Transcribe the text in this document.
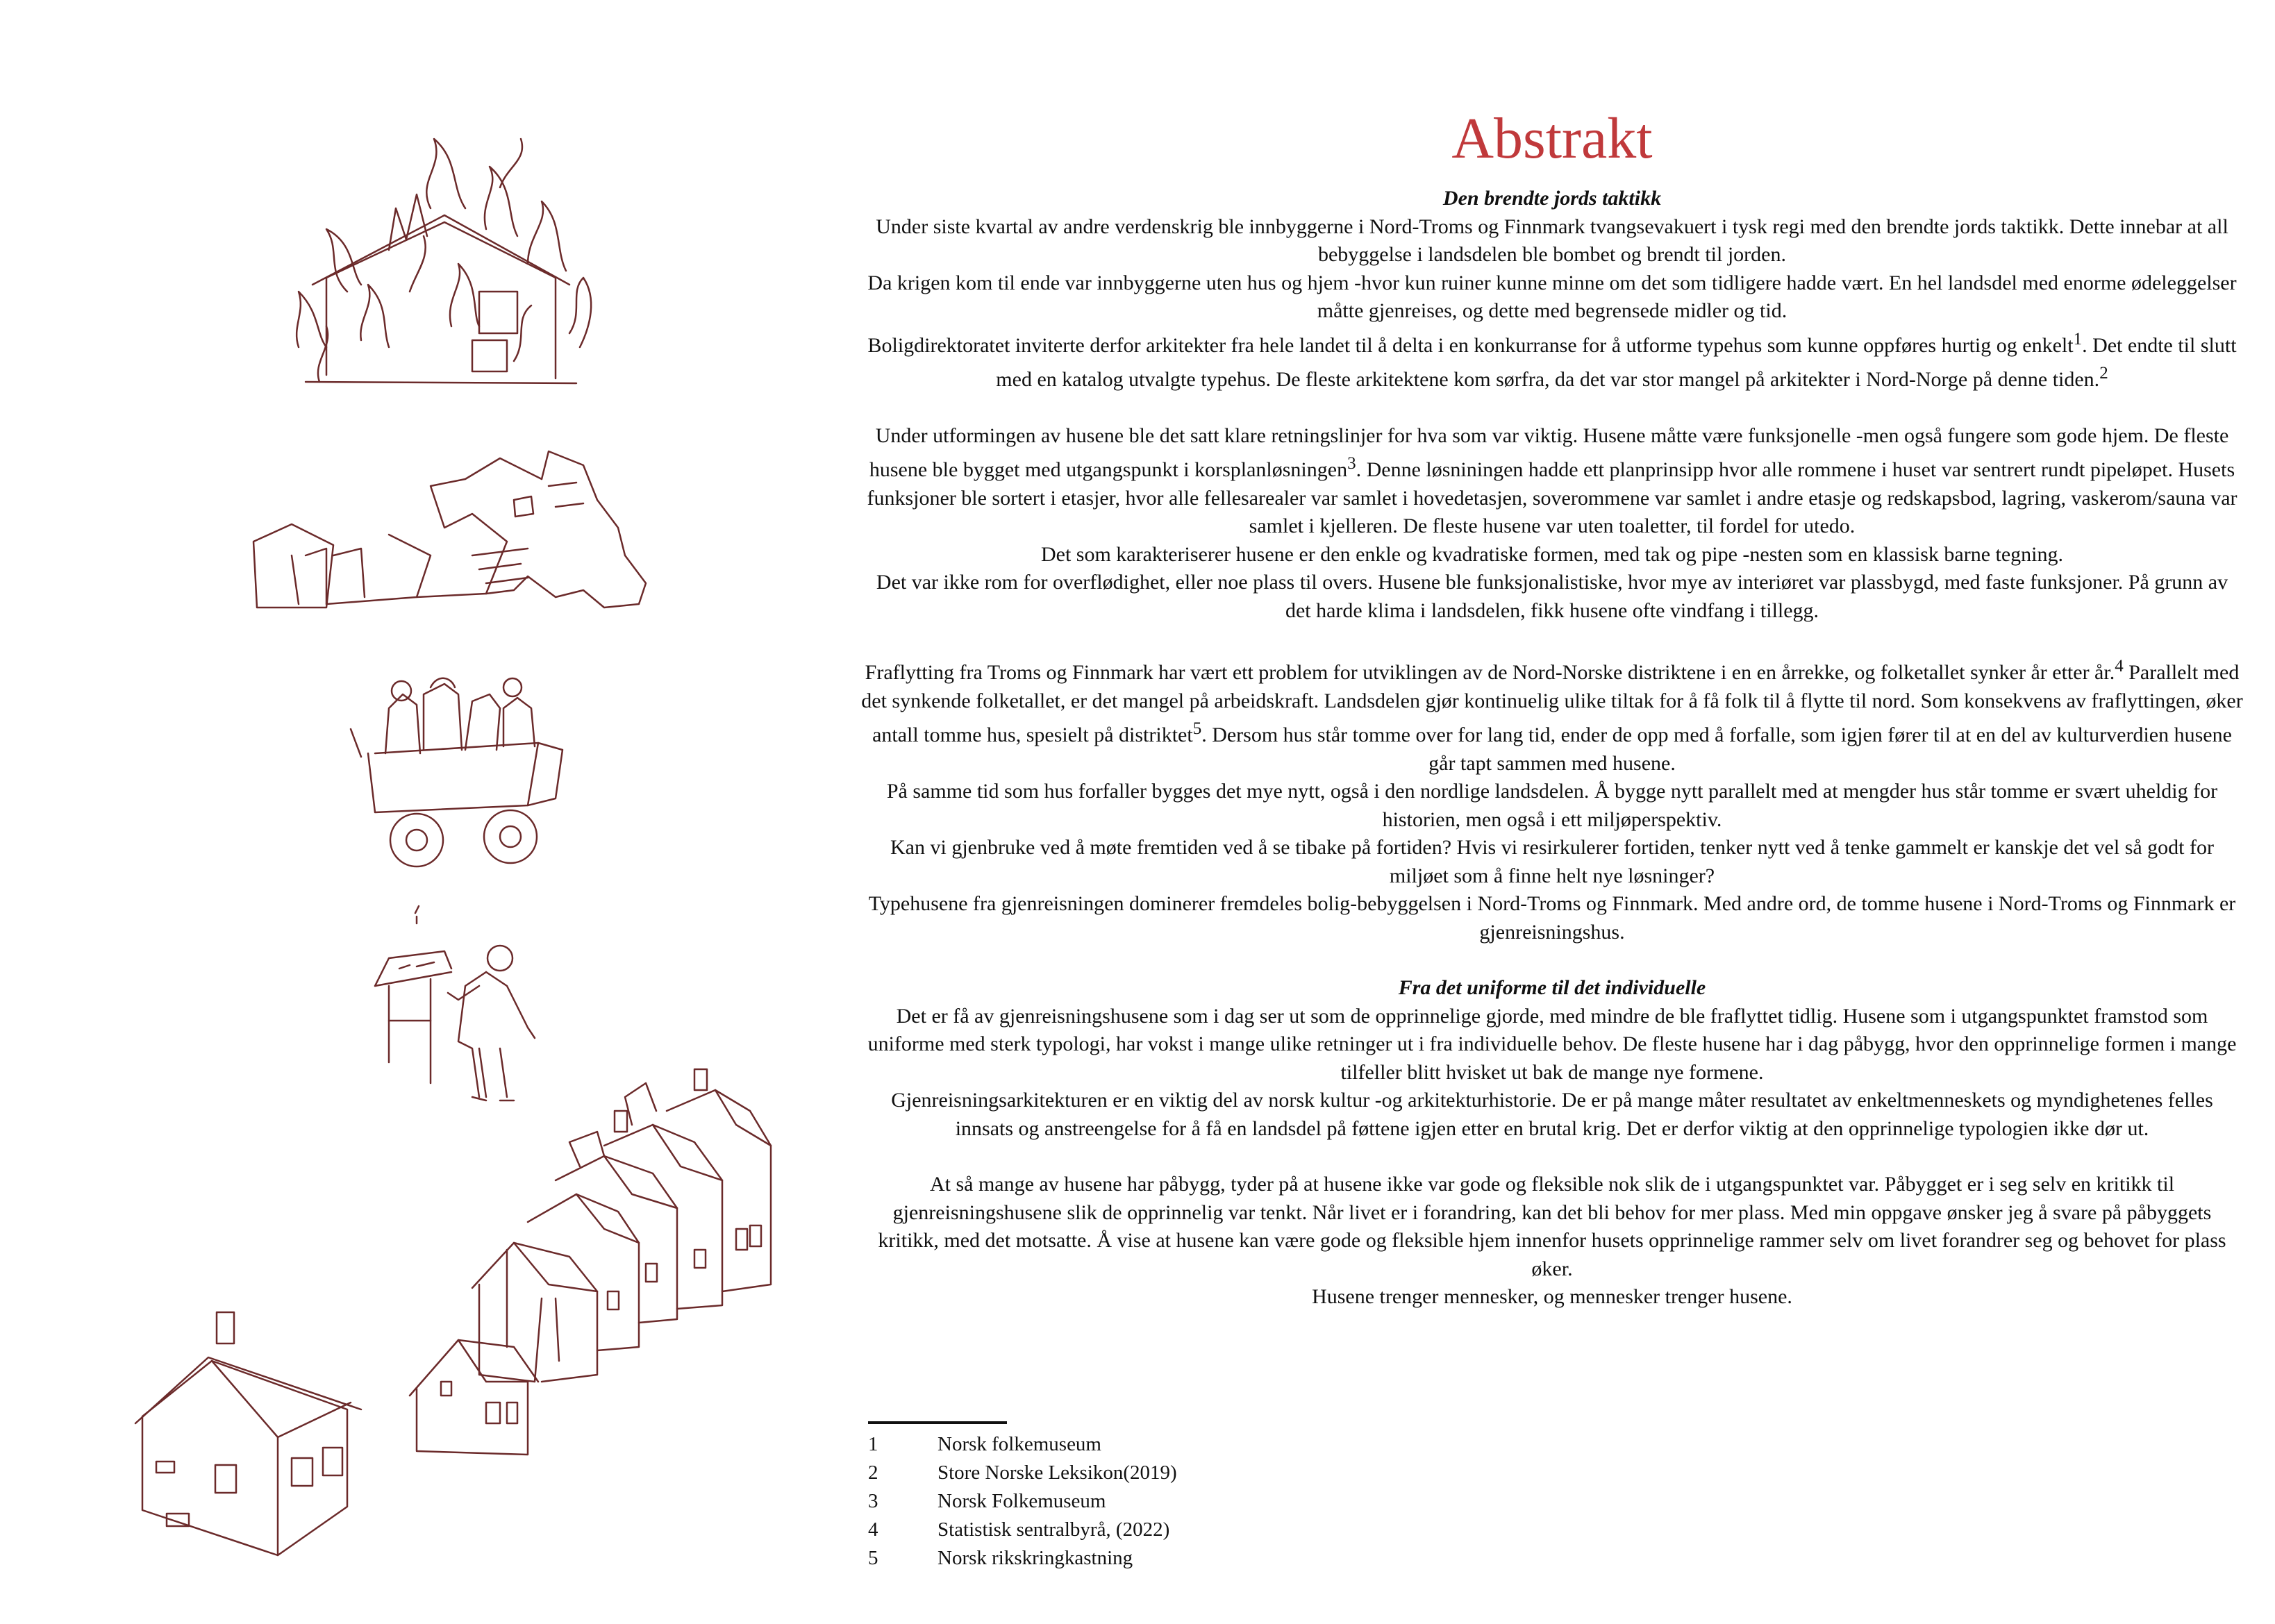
Abstrakt

Den brendte jords taktikk

Under siste kvartal av andre verdenskrig ble innbyggerne i Nord-Troms og Finnmark tvangsevakuert i tysk regi med den brendte jords taktikk. Dette innebar at all bebyggelse i landsdelen ble bombet og brendt til jorden.

Da krigen kom til ende var innbyggerne uten hus og hjem -hvor kun ruiner kunne minne om det som tidligere hadde vært. En hel landsdel med enorme ødeleggelser måtte gjenreises, og dette med begrensede midler og tid.

Boligdirektoratet inviterte derfor arkitekter fra hele landet til å delta i en konkurranse for å utforme typehus som kunne oppføres hurtig og enkelt$^1$. Det endte til slutt med en katalog utvalgte typehus. De fleste arkitektene kom sørfra, da det var stor mangel på arkitekter i Nord-Norge på denne tiden.$^2$

Under utformingen av husene ble det satt klare retningslinjer for hva som var viktig. Husene måtte være funksjonelle -men også fungere som gode hjem. De fleste husene ble bygget med utgangspunkt i korsplanløsningen$^3$. Denne løsniningen hadde ett planprinsipp hvor alle rommene i huset var sentrert rundt pipeløpet. Husets funksjoner ble sortert i etasjer, hvor alle fellesarealer var samlet i hovedetasjen, soverommene var samlet i andre etasje og redskapsbod, lagring, vaskerom/sauna var samlet i kjelleren. De fleste husene var uten toaletter, til fordel for utedo.

Det som karakteriserer husene er den enkle og kvadratiske formen, med tak og pipe -nesten som en klassisk barne tegning.

Det var ikke rom for overflødighet, eller noe plass til overs. Husene ble funksjonalistiske, hvor mye av interiøret var plassbygd, med faste funksjoner. På grunn av det harde klima i landsdelen, fikk husene ofte vindfang i tillegg.

Fraflytting fra Troms og Finnmark har vært ett problem for utviklingen av de Nord-Norske distriktene i en en årrekke, og folketallet synker år etter år.$^4$ Parallelt med det synkende folketallet, er det mangel på arbeidskraft. Landsdelen gjør kontinuelig ulike tiltak for å få folk til å flytte til nord. Som konsekvens av fraflyttingen, øker antall tomme hus, spesielt på distriktet$^5$. Dersom hus står tomme over for lang tid, ender de opp med å forfalle, som igjen fører til at en del av kulturverdien husene går tapt sammen med husene.

På samme tid som hus forfaller bygges det mye nytt, også i den nordlige landsdelen. Å bygge nytt parallelt med at mengder hus står tomme er svært uheldig for historien, men også i ett miljøperspektiv.

Kan vi gjenbruke ved å møte fremtiden ved å se tibake på fortiden? Hvis vi resirkulerer fortiden, tenker nytt ved å tenke gammelt er kanskje det vel så godt for miljøet som å finne helt nye løsninger?

Typehusene fra gjenreisningen dominerer fremdeles bolig-bebyggelsen i Nord-Troms og Finnmark. Med andre ord, de tomme husene i Nord-Troms og Finnmark er gjenreisningshus.

Fra det uniforme til det individuelle

Det er få av gjenreisningshusene som i dag ser ut som de opprinnelige gjorde, med mindre de ble fraflyttet tidlig. Husene som i utgangspunktet framstod som uniforme med sterk typologi, har vokst i mange ulike retninger ut i fra individuelle behov. De fleste husene har i dag påbygg, hvor den opprinnelige formen i mange tilfeller blitt hvisket ut bak de mange nye formene.

Gjenreisningsarkitekturen er en viktig del av norsk kultur -og arkitekturhistorie. De er på mange måter resultatet av enkeltmenneskets og myndighetenes felles innsats og anstreengelse for å få en landsdel på føttene igjen etter en brutal krig. Det er derfor viktig at den opprinnelige typologien ikke dør ut.

At så mange av husene har påbygg, tyder på at husene ikke var gode og fleksible nok slik de i utgangspunktet var. Påbygget er i seg selv en kritikk til gjenreisningshusene slik de opprinnelig var tenkt. Når livet er i forandring, kan det bli behov for mer plass. Med min oppgave ønsker jeg å svare på påbyggets kritikk, med det motsatte. Å vise at husene kan være gode og fleksible hjem innenfor husets opprinnelige rammer selv om livet forandrer seg og behovet for plass øker.

Husene trenger mennesker, og mennesker trenger husene.

1	Norsk folkemuseum
2	Store Norske Leksikon(2019)
3	Norsk Folkemuseum
4	Statistisk sentralbyrå, (2022)
5	Norsk rikskringkastning
